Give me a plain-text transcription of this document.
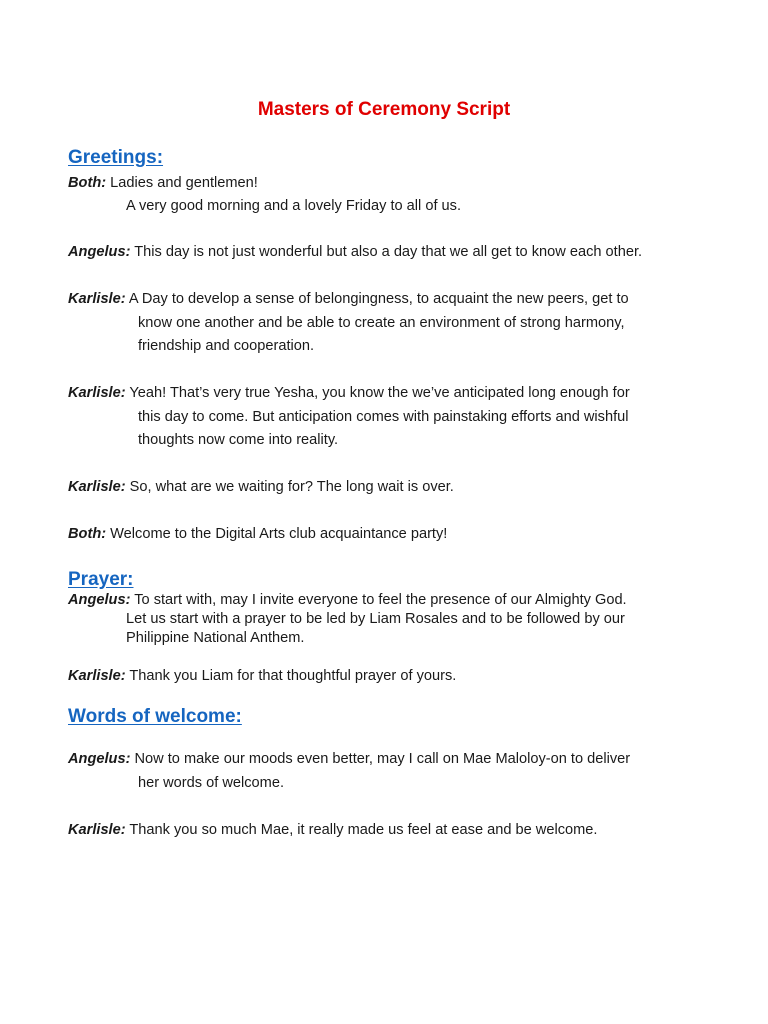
Masters of Ceremony Script
Greetings:
Both: Ladies and gentlemen!
A very good morning and a lovely Friday to all of us.
Angelus: This day is not just wonderful but also a day that we all get to know each other.
Karlisle: A Day to develop a sense of belongingness, to acquaint the new peers, get to
know one another and be able to create an environment of strong harmony,
friendship and cooperation.
Karlisle: Yeah! That’s very true Yesha, you know the we’ve anticipated long enough for
this day to come. But anticipation comes with painstaking efforts and wishful
thoughts now come into reality.
Karlisle: So, what are we waiting for? The long wait is over.
Both: Welcome to the Digital Arts club acquaintance party!
Prayer:
Angelus: To start with, may I invite everyone to feel the presence of our Almighty God.
Let us start with a prayer to be led by Liam Rosales and to be followed by our
Philippine National Anthem.
Karlisle: Thank you Liam for that thoughtful prayer of yours.
Words of welcome:
Angelus: Now to make our moods even better, may I call on Mae Maloloy-on to deliver
her words of welcome.
Karlisle: Thank you so much Mae, it really made us feel at ease and be welcome.
